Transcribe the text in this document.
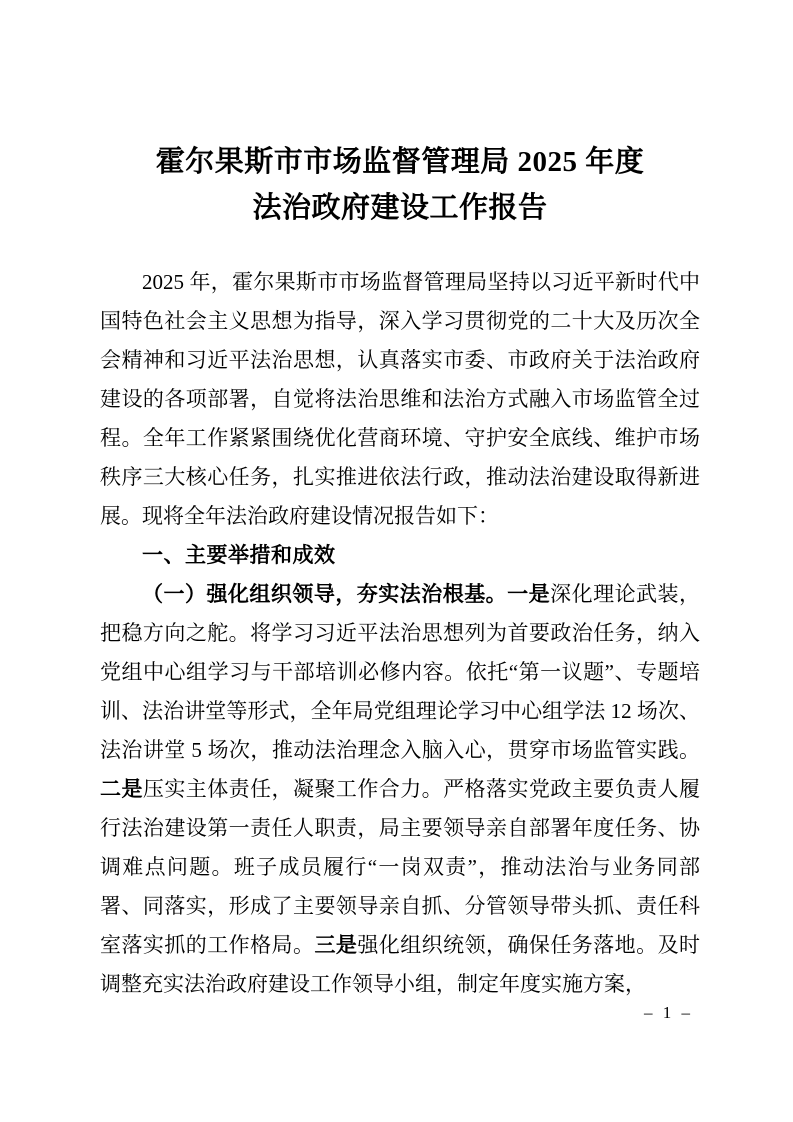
霍尔果斯市市场监督管理局 2025 年度
法治政府建设工作报告

2025 年，霍尔果斯市市场监督管理局坚持以习近平新时代中国特色社会主义思想为指导，深入学习贯彻党的二十大及历次全会精神和习近平法治思想，认真落实市委、市政府关于法治政府建设的各项部署，自觉将法治思维和法治方式融入市场监管全过程。全年工作紧紧围绕优化营商环境、守护安全底线、维护市场秩序三大核心任务，扎实推进依法行政，推动法治建设取得新进展。现将全年法治政府建设情况报告如下：

一、主要举措和成效

（一）强化组织领导，夯实法治根基。一是深化理论武装，把稳方向之舵。将学习习近平法治思想列为首要政治任务，纳入党组中心组学习与干部培训必修内容。依托“第一议题”、专题培训、法治讲堂等形式，全年局党组理论学习中心组学法 12 场次、法治讲堂 5 场次，推动法治理念入脑入心，贯穿市场监管实践。二是压实主体责任，凝聚工作合力。严格落实党政主要负责人履行法治建设第一责任人职责，局主要领导亲自部署年度任务、协调难点问题。班子成员履行“一岗双责”，推动法治与业务同部署、同落实，形成了主要领导亲自抓、分管领导带头抓、责任科室落实抓的工作格局。三是强化组织统领，确保任务落地。及时调整充实法治政府建设工作领导小组，制定年度实施方案，

– 1 –
